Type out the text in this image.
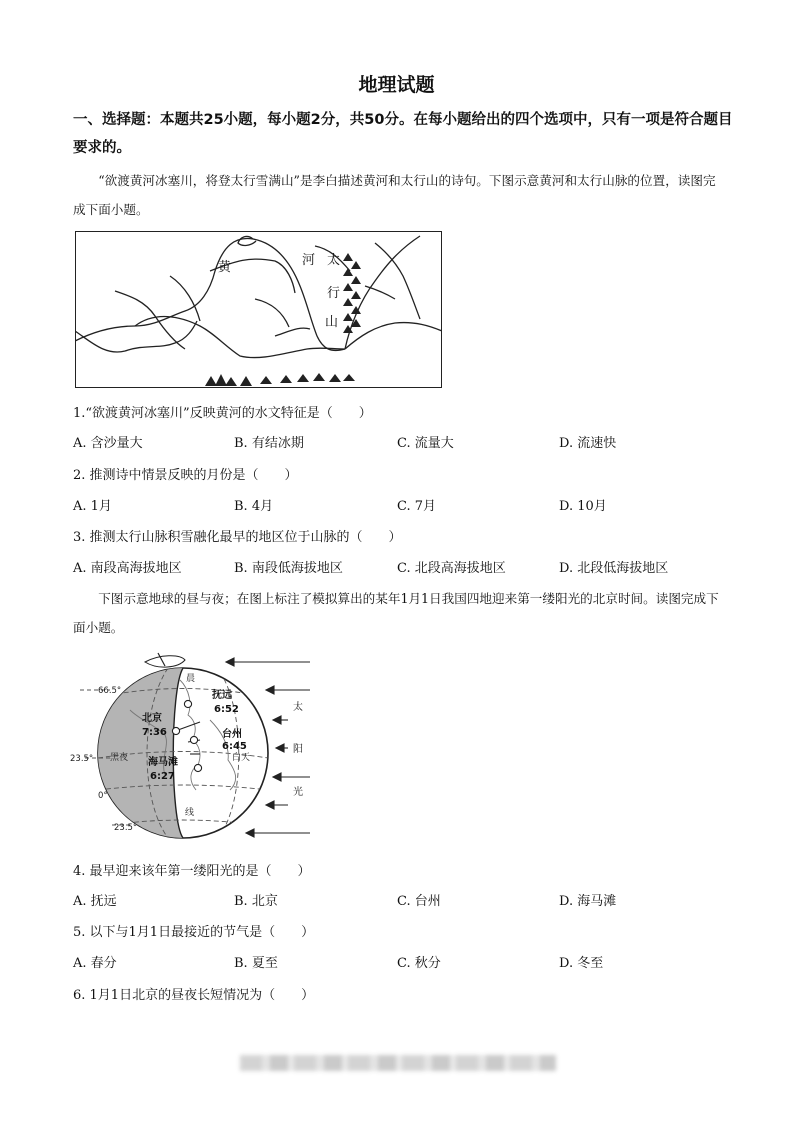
地理试题
一、选择题：本题共25小题，每小题2分，共50分。在每小题给出的四个选项中，只有一项是符合题目要求的。
“欲渡黄河冰塞川，将登太行雪满山”是李白描述黄河和太行山的诗句。下图示意黄河和太行山脉的位置，读图完成下面小题。
黄	河 太
行
山
1.“欲渡黄河冰塞川”反映黄河的水文特征是（　　）
A. 含沙量大	B. 有结冰期	C. 流量大	D. 流速快
2. 推测诗中情景反映的月份是（　　）
A. 1月	B. 4月	C. 7月	D. 10月
3. 推测太行山脉积雪融化最早的地区位于山脉的（　　）
A. 南段高海拔地区	B. 南段低海拔地区	C. 北段高海拔地区	D. 北段低海拔地区
下图示意地球的昼与夜；在图上标注了模拟算出的某年1月1日我国四地迎来第一缕阳光的北京时间。读图完成下面小题。
66.5°
23.5°
0°
23.5°
晨
线
黑夜	白天
太
阳
光
北京
7:36
抚远
6:52
台州
6:45
海马滩
6:27
4. 最早迎来该年第一缕阳光的是（　　）
A. 抚远	B. 北京	C. 台州	D. 海马滩
5. 以下与1月1日最接近的节气是（　　）
A. 春分	B. 夏至	C. 秋分	D. 冬至
6. 1月1日北京的昼夜长短情况为（　　）
